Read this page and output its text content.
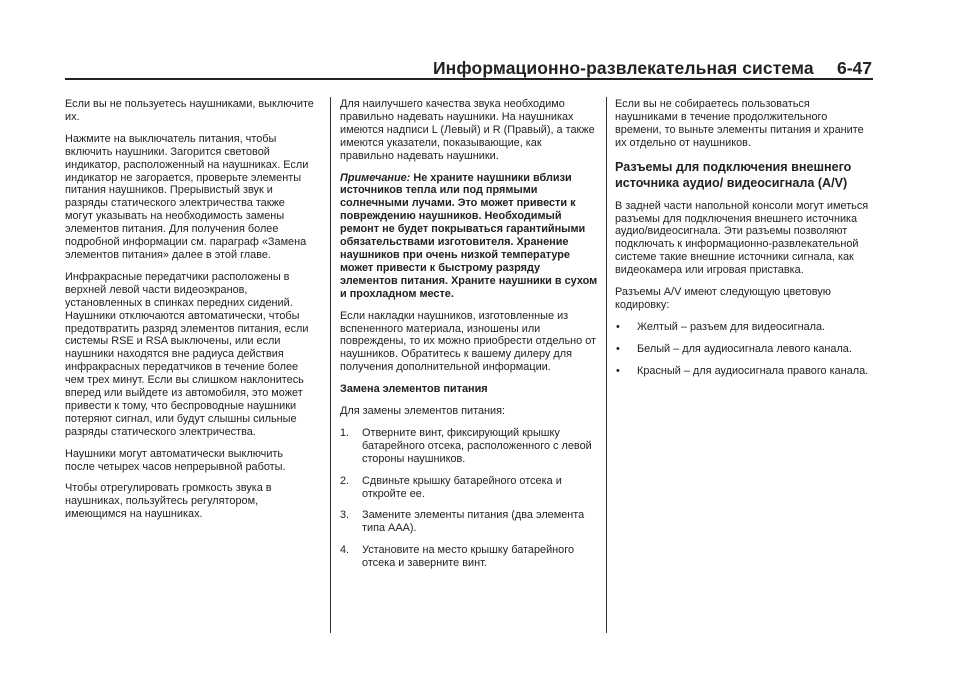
Информационно-развлекательная система 6-47

Если вы не пользуетесь наушниками, выключите их.

Нажмите на выключатель питания, чтобы включить наушники. Загорится световой индикатор, расположенный на наушниках. Если индикатор не загорается, проверьте элементы питания наушников. Прерывистый звук и разряды статического электричества также могут указывать на необходимость замены элементов питания. Для получения более подробной информации см. параграф «Замена элементов питания» далее в этой главе.

Инфракрасные передатчики расположены в верхней левой части видеоэкранов, установленных в спинках передних сидений. Наушники отключаются автоматически, чтобы предотвратить разряд элементов питания, если системы RSE и RSA выключены, или если наушники находятся вне радиуса действия инфракрасных передатчиков в течение более чем трех минут. Если вы слишком наклонитесь вперед или выйдете из автомобиля, это может привести к тому, что беспроводные наушники потеряют сигнал, или будут слышны сильные разряды статического электричества.

Наушники могут автоматически выключить после четырех часов непрерывной работы.

Чтобы отрегулировать громкость звука в наушниках, пользуйтесь регулятором, имеющимся на наушниках.

Для наилучшего качества звука необходимо правильно надевать наушники. На наушниках имеются надписи L (Левый) и R (Правый), а также имеются указатели, показывающие, как правильно надевать наушники.

Примечание: Не храните наушники вблизи источников тепла или под прямыми солнечными лучами. Это может привести к повреждению наушников. Необходимый ремонт не будет покрываться гарантийными обязательствами изготовителя. Хранение наушников при очень низкой температуре может привести к быстрому разряду элементов питания. Храните наушники в сухом и прохладном месте.

Если накладки наушников, изготовленные из вспененного материала, изношены или повреждены, то их можно приобрести отдельно от наушников. Обратитесь к вашему дилеру для получения дополнительной информации.

Замена элементов питания

Для замены элементов питания:

1. Отверните винт, фиксирующий крышку батарейного отсека, расположенного с левой стороны наушников.
2. Сдвиньте крышку батарейного отсека и откройте ее.
3. Замените элементы питания (два элемента типа AAA).
4. Установите на место крышку батарейного отсека и заверните винт.

Если вы не собираетесь пользоваться наушниками в течение продолжительного времени, то выньте элементы питания и храните их отдельно от наушников.

Разъемы для подключения внешнего источника аудио/ видеосигнала (A/V)

В задней части напольной консоли могут иметься разъемы для подключения внешнего источника аудио/видеосигнала. Эти разъемы позволяют подключать к информационно-развлекательной системе такие внешние источники сигнала, как видеокамера или игровая приставка.

Разъемы A/V имеют следующую цветовую кодировку:

• Желтый – разъем для видеосигнала.
• Белый – для аудиосигнала левого канала.
• Красный – для аудиосигнала правого канала.
